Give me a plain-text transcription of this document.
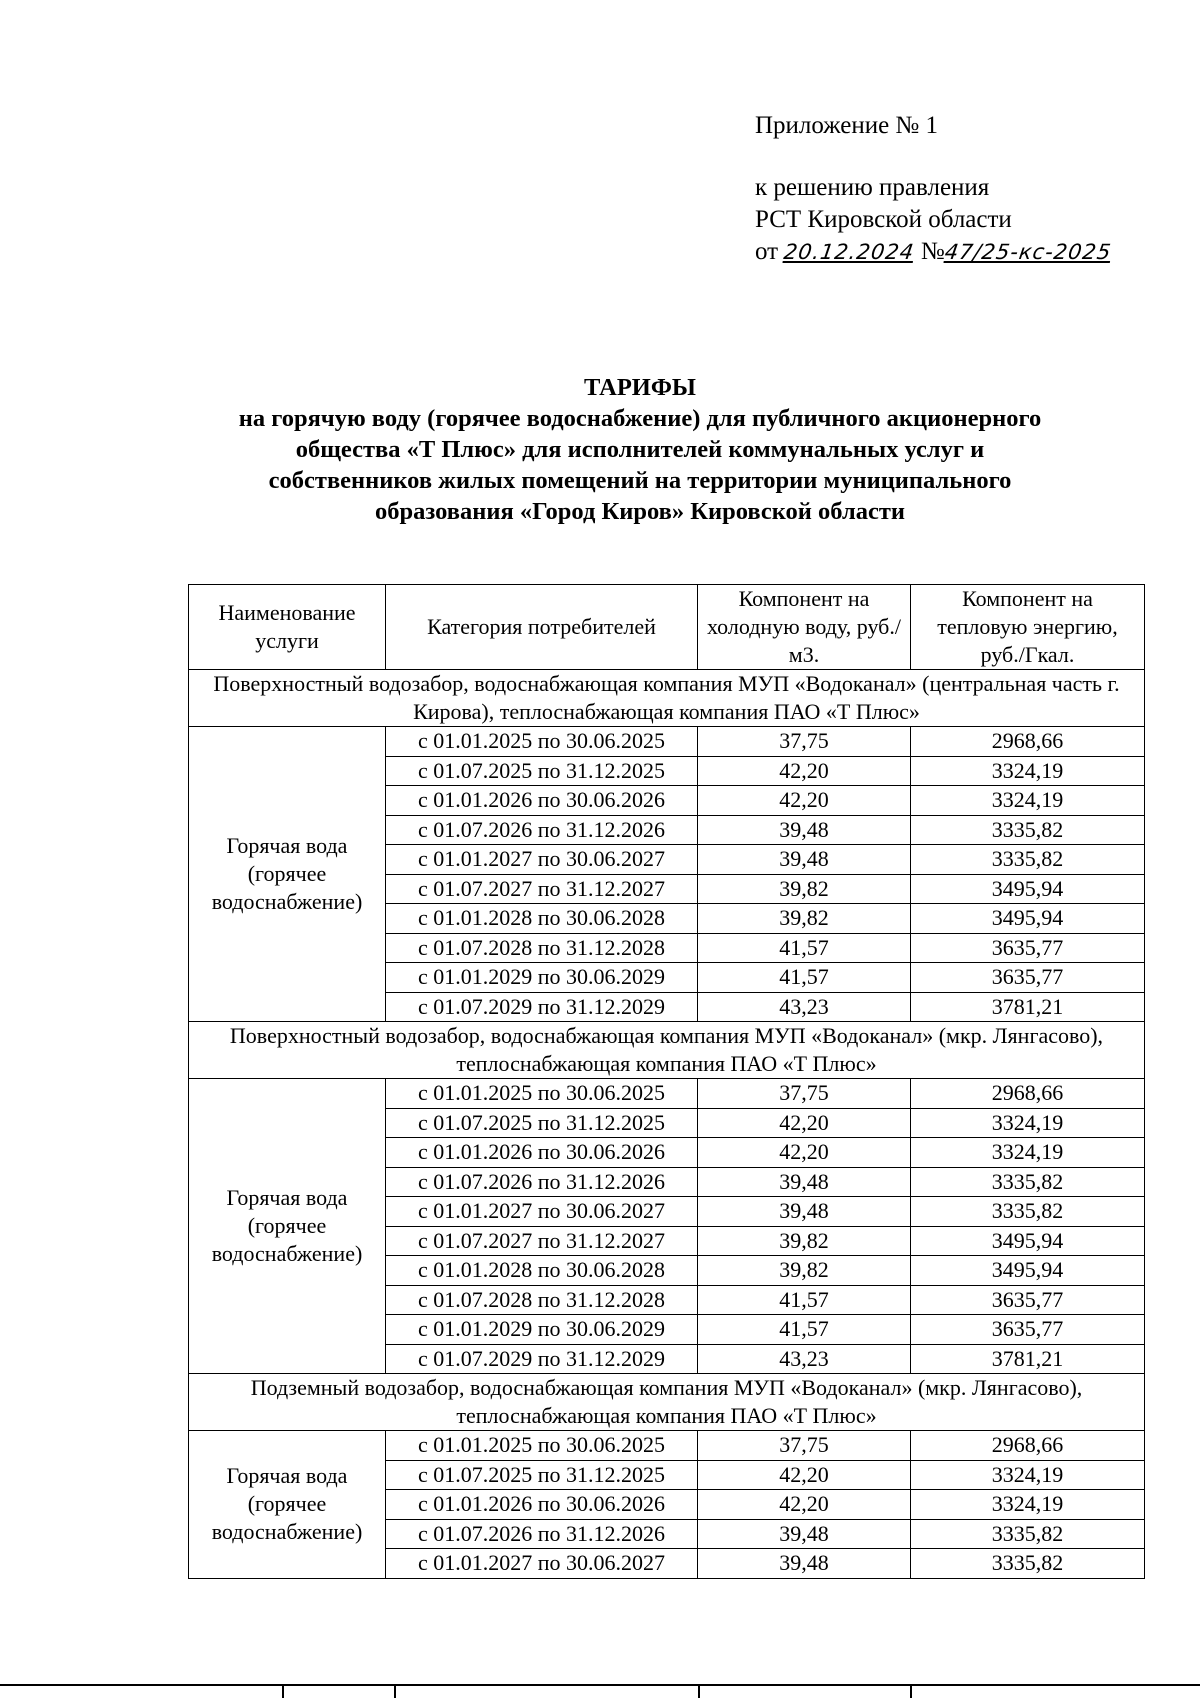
Приложение № 1
к решению правления
РСТ Кировской области
от 20.12.2024 №47/25-кс-2025
ТАРИФЫ
на горячую воду (горячее водоснабжение) для публичного акционерного
общества «Т Плюс» для исполнителей коммунальных услуг и
собственников жилых помещений на территории муниципального
образования «Город Киров» Кировской области
Наименование услуги	Категория потребителей	Компонент на холодную воду, руб./м3.	Компонент на тепловую энергию, руб./Гкал.
Поверхностный водозабор, водоснабжающая компания МУП «Водоканал» (центральная часть г. Кирова), теплоснабжающая компания ПАО «Т Плюс»			
Горячая вода (горячее водоснабжение)	с 01.01.2025 по 30.06.2025	37,75	2968,66
	с 01.07.2025 по 31.12.2025	42,20	3324,19
	с 01.01.2026 по 30.06.2026	42,20	3324,19
	с 01.07.2026 по 31.12.2026	39,48	3335,82
	с 01.01.2027 по 30.06.2027	39,48	3335,82
	с 01.07.2027 по 31.12.2027	39,82	3495,94
	с 01.01.2028 по 30.06.2028	39,82	3495,94
	с 01.07.2028 по 31.12.2028	41,57	3635,77
	с 01.01.2029 по 30.06.2029	41,57	3635,77
	с 01.07.2029 по 31.12.2029	43,23	3781,21
Поверхностный водозабор, водоснабжающая компания МУП «Водоканал» (мкр. Лянгасово), теплоснабжающая компания ПАО «Т Плюс»			
Горячая вода (горячее водоснабжение)	с 01.01.2025 по 30.06.2025	37,75	2968,66
	с 01.07.2025 по 31.12.2025	42,20	3324,19
	с 01.01.2026 по 30.06.2026	42,20	3324,19
	с 01.07.2026 по 31.12.2026	39,48	3335,82
	с 01.01.2027 по 30.06.2027	39,48	3335,82
	с 01.07.2027 по 31.12.2027	39,82	3495,94
	с 01.01.2028 по 30.06.2028	39,82	3495,94
	с 01.07.2028 по 31.12.2028	41,57	3635,77
	с 01.01.2029 по 30.06.2029	41,57	3635,77
	с 01.07.2029 по 31.12.2029	43,23	3781,21
Подземный водозабор, водоснабжающая компания МУП «Водоканал» (мкр. Лянгасово), теплоснабжающая компания ПАО «Т Плюс»			
Горячая вода (горячее водоснабжение)	с 01.01.2025 по 30.06.2025	37,75	2968,66
	с 01.07.2025 по 31.12.2025	42,20	3324,19
	с 01.01.2026 по 30.06.2026	42,20	3324,19
	с 01.07.2026 по 31.12.2026	39,48	3335,82
	с 01.01.2027 по 30.06.2027	39,48	3335,82
